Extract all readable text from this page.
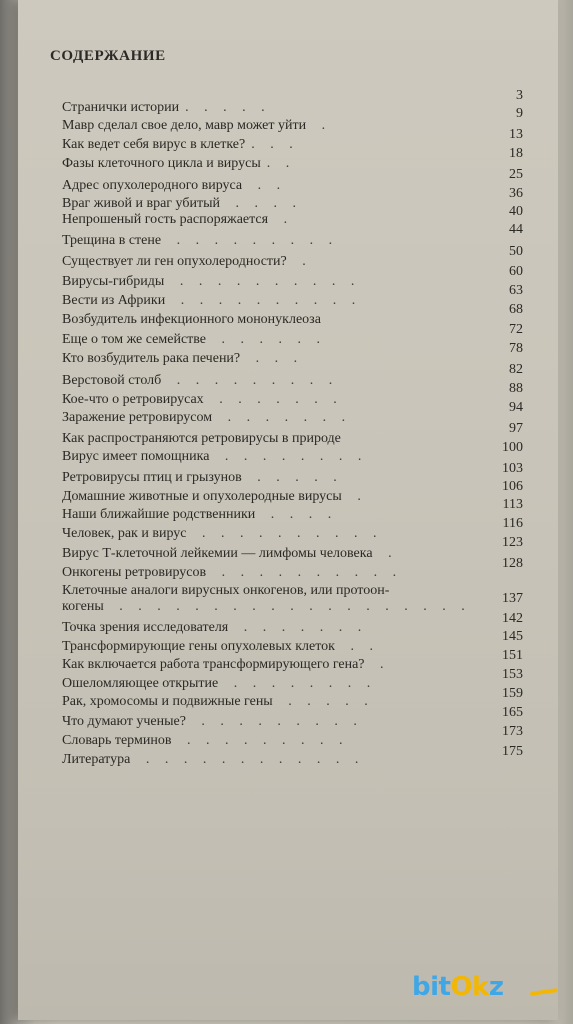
СОДЕРЖАНИЕ
Странички истории . . . . .
3
Мавр сделал свое дело, мавр может уйти .
9
Как ведет себя вирус в клетке? . . .
13
Фазы клеточного цикла и вирусы . .
18
Адрес опухолеродного вируса . .
25
Враг живой и враг убитый . . . .
36
Непрошеный гость распоряжается .
40
Трещина в стене . . . . . . . . .
44
Существует ли ген опухолеродности? .
50
Вирусы-гибриды . . . . . . . . . .
60
Вести из Африки . . . . . . . . . .
63
Возбудитель инфекционного мононуклеоза
68
Еще о том же семействе . . . . . .
72
Кто возбудитель рака печени? . . .
78
Верстовой столб . . . . . . . . .
82
Кое-что о ретровирусах . . . . . . .
88
Заражение ретровирусом . . . . . . .
94
Как распространяются ретровирусы в природе
97
Вирус имеет помощника . . . . . . . .
100
Ретровирусы птиц и грызунов . . . . .
103
Домашние животные и опухолеродные вирусы .
106
Наши ближайшие родственники . . . .
113
Человек, рак и вирус . . . . . . . . . .
116
Вирус Т-клеточной лейкемии — лимфомы человека .
123
Онкогены ретровирусов . . . . . . . . . .
128
Клеточные аналоги вирусных онкогенов, или протоон-
когены . . . . . . . . . . . . . . . . . . .
137
Точка зрения исследователя . . . . . . .
142
Трансформирующие гены опухолевых клеток . .
145
Как включается работа трансформирующего гена? .
151
Ошеломляющее открытие . . . . . . . .
153
Рак, хромосомы и подвижные гены . . . . .
159
Что думают ученые? . . . . . . . . .
165
Словарь терминов . . . . . . . . .
173
Литература . . . . . . . . . . . .
175
bitOkz
